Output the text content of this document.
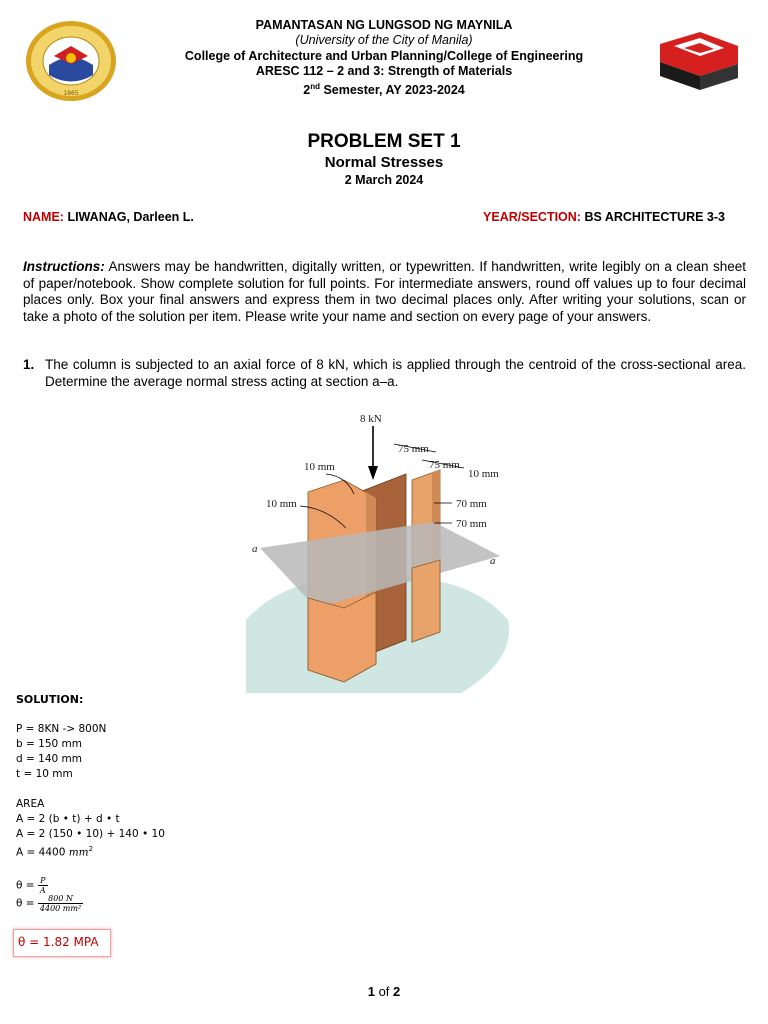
1965
PAMANTASAN NG LUNGSOD NG MAYNILA
(University of the City of Manila)
College of Architecture and Urban Planning/College of Engineering
ARESC 112 – 2 and 3: Strength of Materials
2nd Semester, AY 2023-2024
PROBLEM SET 1
Normal Stresses
2 March 2024
NAME: LIWANAG, Darleen L.	YEAR/SECTION: BS ARCHITECTURE 3-3
Instructions: Answers may be handwritten, digitally written, or typewritten. If handwritten, write legibly on a clean sheet of paper/notebook. Show complete solution for full points. For intermediate answers, round off values up to four decimal places only. Box your final answers and express them in two decimal places only. After writing your solutions, scan or take a photo of the solution per item. Please write your name and section on every page of your answers.
1. The column is subjected to an axial force of 8 kN, which is applied through the centroid of the cross-sectional area. Determine the average normal stress acting at section a–a.
8 kN
75 mm
75 mm
10 mm
10 mm
10 mm	70 mm
70 mm
a
a
SOLUTION:
P = 8KN -> 800N
b = 150 mm
d = 140 mm
t = 10 mm
AREA
A = 2 (b • t) + d • t
A = 2 (150 • 10) + 140 • 10
A = 4400 $mm^2$
$\theta = \frac{P}{A}$
$\theta = \frac{800 N}{\text{4400 mm²}}$
θ = 1.82 MPA
1 of 2
